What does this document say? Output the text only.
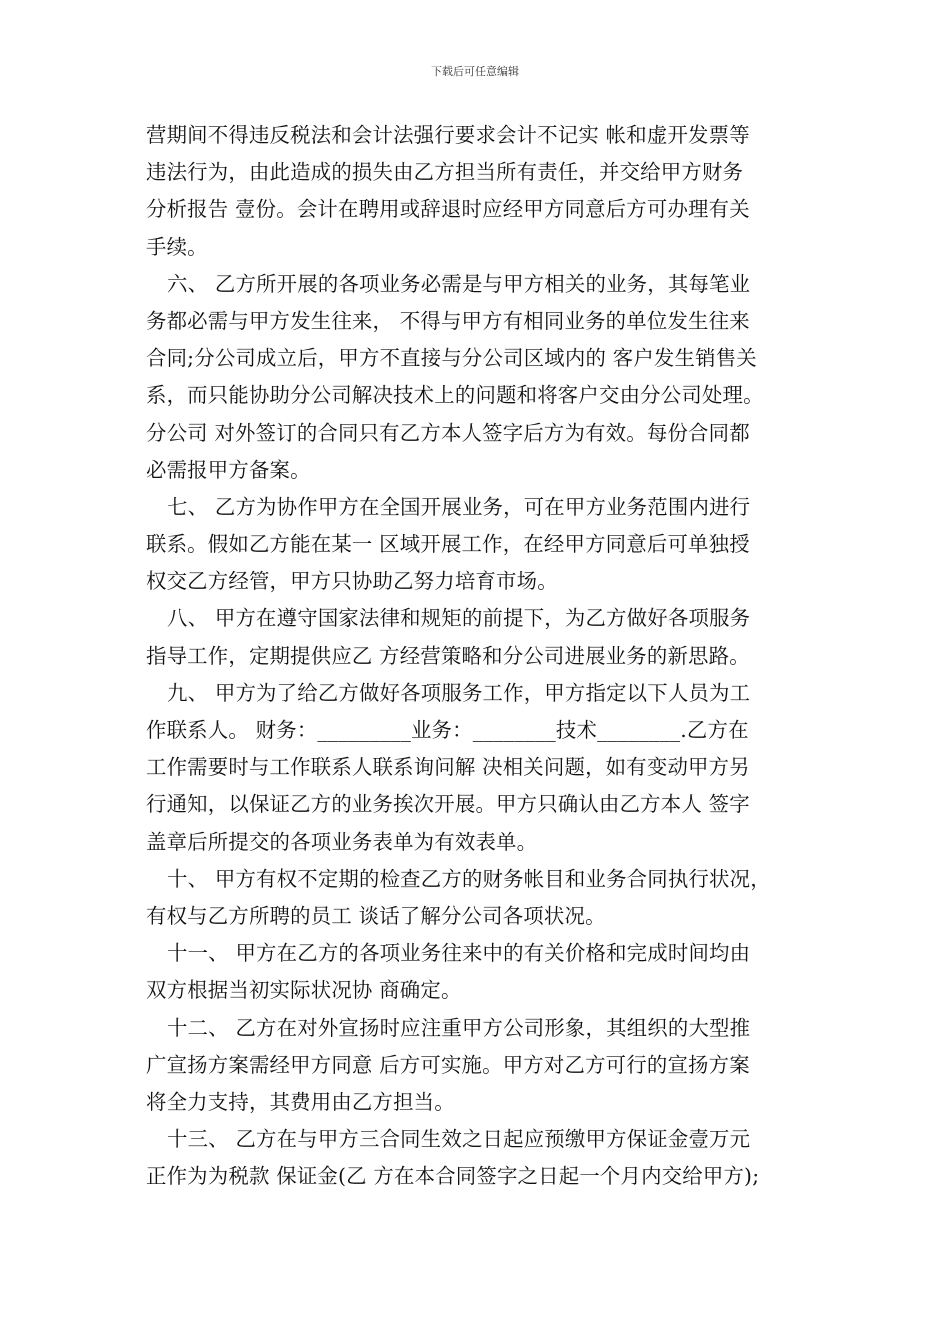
下载后可任意编辑
营期间不得违反税法和会计法强行要求会计不记实 帐和虚开发票等
违法行为，由此造成的损失由乙方担当所有责任，并交给甲方财务
分析报告 壹份。会计在聘用或辞退时应经甲方同意后方可办理有关
手续。
六、 乙方所开展的各项业务必需是与甲方相关的业务，其每笔业
务都必需与甲方发生往来， 不得与甲方有相同业务的单位发生往来
合同;分公司成立后，甲方不直接与分公司区域内的 客户发生销售关
系，而只能协助分公司解决技术上的问题和将客户交由分公司处理。
分公司 对外签订的合同只有乙方本人签字后方为有效。每份合同都
必需报甲方备案。
七、 乙方为协作甲方在全国开展业务，可在甲方业务范围内进行
联系。假如乙方能在某一 区域开展工作，在经甲方同意后可单独授
权交乙方经管，甲方只协助乙努力培育市场。
八、 甲方在遵守国家法律和规矩的前提下，为乙方做好各项服务
指导工作，定期提供应乙 方经营策略和分公司进展业务的新思路。
九、 甲方为了给乙方做好各项服务工作，甲方指定以下人员为工
作联系人。 财务：_________业务：________技术________.乙方在
工作需要时与工作联系人联系询问解 决相关问题，如有变动甲方另
行通知，以保证乙方的业务挨次开展。甲方只确认由乙方本人 签字
盖章后所提交的各项业务表单为有效表单。
十、 甲方有权不定期的检查乙方的财务帐目和业务合同执行状况，
有权与乙方所聘的员工 谈话了解分公司各项状况。
十一、 甲方在乙方的各项业务往来中的有关价格和完成时间均由
双方根据当初实际状况协 商确定。
十二、 乙方在对外宣扬时应注重甲方公司形象，其组织的大型推
广宣扬方案需经甲方同意 后方可实施。甲方对乙方可行的宣扬方案
将全力支持，其费用由乙方担当。
十三、 乙方在与甲方三合同生效之日起应预缴甲方保证金壹万元
正作为为税款 保证金(乙 方在本合同签字之日起一个月内交给甲方);
